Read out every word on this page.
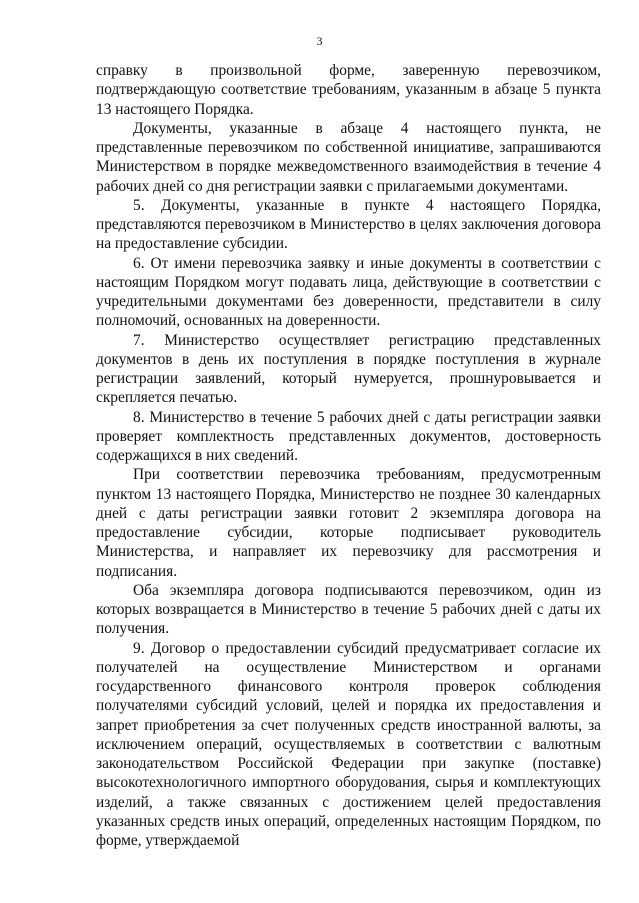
3

справку в произвольной форме, заверенную перевозчиком, подтверждающую соответствие требованиям, указанным в абзаце 5 пункта 13 настоящего Порядка.

Документы, указанные в абзаце 4 настоящего пункта, не представленные перевозчиком по собственной инициативе, запрашиваются Министерством в порядке межведомственного взаимодействия в течение 4 рабочих дней со дня регистрации заявки с прилагаемыми документами.

5. Документы, указанные в пункте 4 настоящего Порядка, представляются перевозчиком в Министерство в целях заключения договора на предоставление субсидии.

6. От имени перевозчика заявку и иные документы в соответствии с настоящим Порядком могут подавать лица, действующие в соответствии с учредительными документами без доверенности, представители в силу полномочий, основанных на доверенности.

7. Министерство осуществляет регистрацию представленных документов в день их поступления в порядке поступления в журнале регистрации заявлений, который нумеруется, прошнуровывается и скрепляется печатью.

8. Министерство в течение 5 рабочих дней с даты регистрации заявки проверяет комплектность представленных документов, достоверность содержащихся в них сведений.

При соответствии перевозчика требованиям, предусмотренным пунктом 13 настоящего Порядка, Министерство не позднее 30 календарных дней с даты регистрации заявки готовит 2 экземпляра договора на предоставление субсидии, которые подписывает руководитель Министерства, и направляет их перевозчику для рассмотрения и подписания.

Оба экземпляра договора подписываются перевозчиком, один из которых возвращается в Министерство в течение 5 рабочих дней с даты их получения.

9. Договор о предоставлении субсидий предусматривает согласие их получателей на осуществление Министерством и органами государственного финансового контроля проверок соблюдения получателями субсидий условий, целей и порядка их предоставления и запрет приобретения за счет полученных средств иностранной валюты, за исключением операций, осуществляемых в соответствии с валютным законодательством Российской Федерации при закупке (поставке) высокотехнологичного импортного оборудования, сырья и комплектующих изделий, а также связанных с достижением целей предоставления указанных средств иных операций, определенных настоящим Порядком, по форме, утверждаемой
